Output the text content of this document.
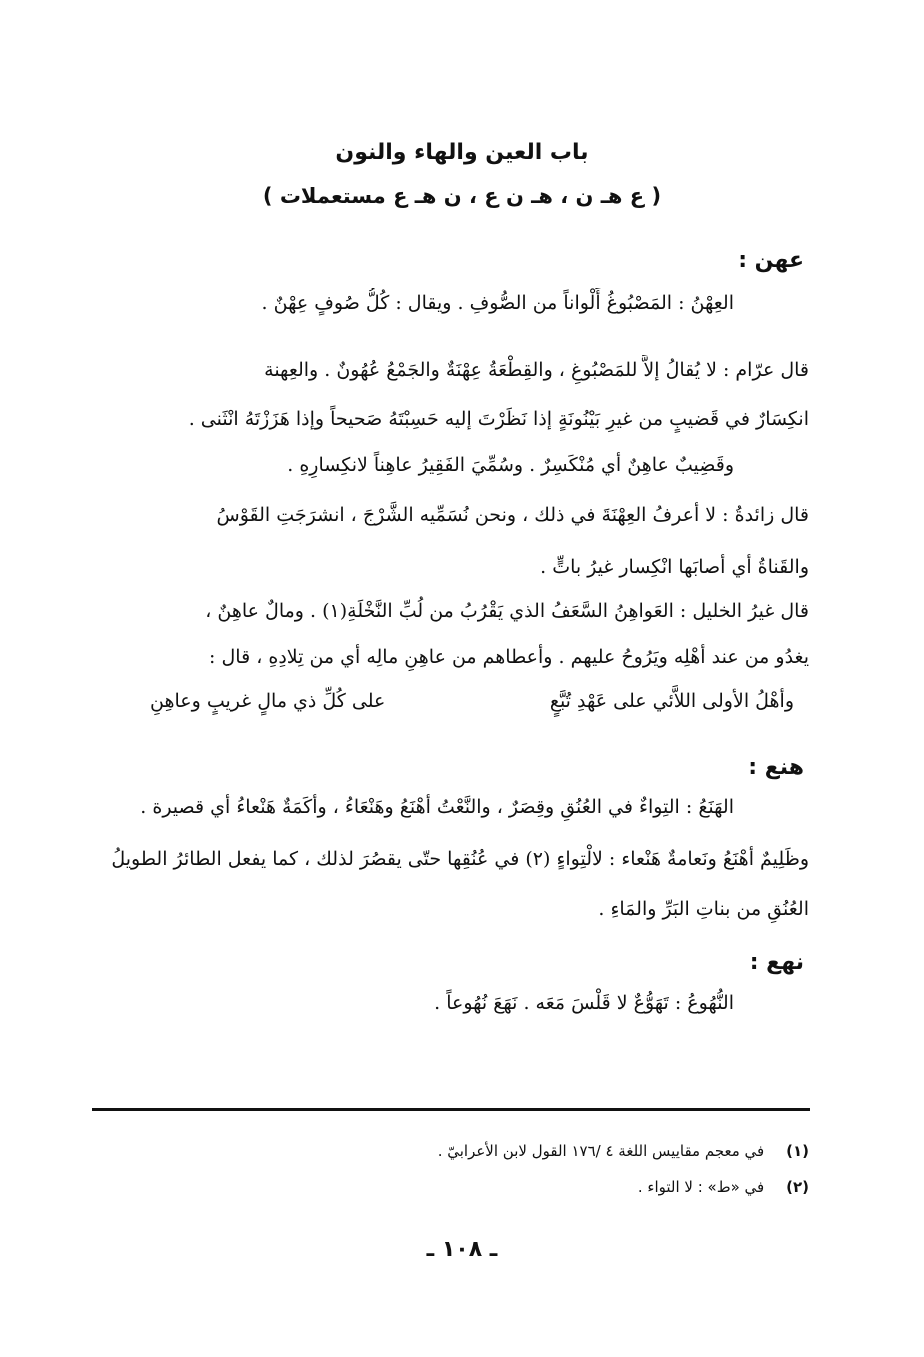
باب العين والهاء والنون
( ع هـ ن ، هـ ن ع ، ن هـ ع مستعملات )
عهن :
العِهْنُ : المَصْبُوغُ أَلْواناً من الصُّوفِ . ويقال : كُلُّ صُوفٍ عِهْنٌ .
قال عرّام : لا يُقالُ إلاَّ للمَصْبُوغِ ، والقِطْعَةُ عِهْنَةٌ والجَمْعُ عُهُونٌ . والعِهنة
انكِسَارٌ في قَضيبٍ من غيرِ بَيْنُونَةٍ إذا نَظَرْتَ إليه حَسِبْتَهُ صَحيحاً وإذا هَزَزْتَهُ انْثَنى .
وقَضِيبٌ عاهِنٌ أي مُنْكَسِرٌ . وسُمِّيَ الفَقِيرُ عاهِناً لانكِسارِهِ .
قال زائدةُ : لا أعرفُ العِهْنَةَ في ذلك ، ونحن نُسَمِّيه الشَّرْجَ ، انشرَجَتِ القَوْسُ
والقَناةُ أي أصابَها انْكِسار غيرُ باتٍّ .
قال غيرُ الخليل : العَواهِنُ السَّعَفُ الذي يَقْرُبُ من لُبِّ النَّخْلَةِ(١) . ومالٌ عاهِنٌ ،
يغدُو من عند أهْلِه ويَرُوحُ عليهم . وأعطاهم من عاهِنِ مالِه أي من تِلادِهِ ، قال :
وأهْلُ الأولى اللاَّئي على عَهْدِ تُبَّعٍ
على كُلِّ ذي مالٍ غريبٍ وعاهِنِ
هنع :
الهَنَعُ : التِواءٌ في العُنُقِ وقِصَرٌ ، والنَّعْتُ أهْنَعُ وهَنْعَاءُ ، وأكَمَةٌ هَنْعاءُ أي قصيرة .
وظَلِيمٌ أهْنَعُ ونَعامةٌ هَنْعاء : لالْتِواءٍ (٢) في عُنُقِها حتّى يقصُرَ لذلك ، كما يفعل الطائرُ الطويلُ
العُنُقِ من بناتِ البَرِّ والمَاءِ .
نهع :
النُّهُوعُ : تَهَوُّعٌ لا قَلْسَ مَعَه . نَهَعَ نُهُوعاً .
(١) في معجم مقاييس اللغة ٤ /١٧٦ القول لابن الأعرابيّ .
(٢) في «ط» : لا التواء .
ـ ١٠٨ ـ
